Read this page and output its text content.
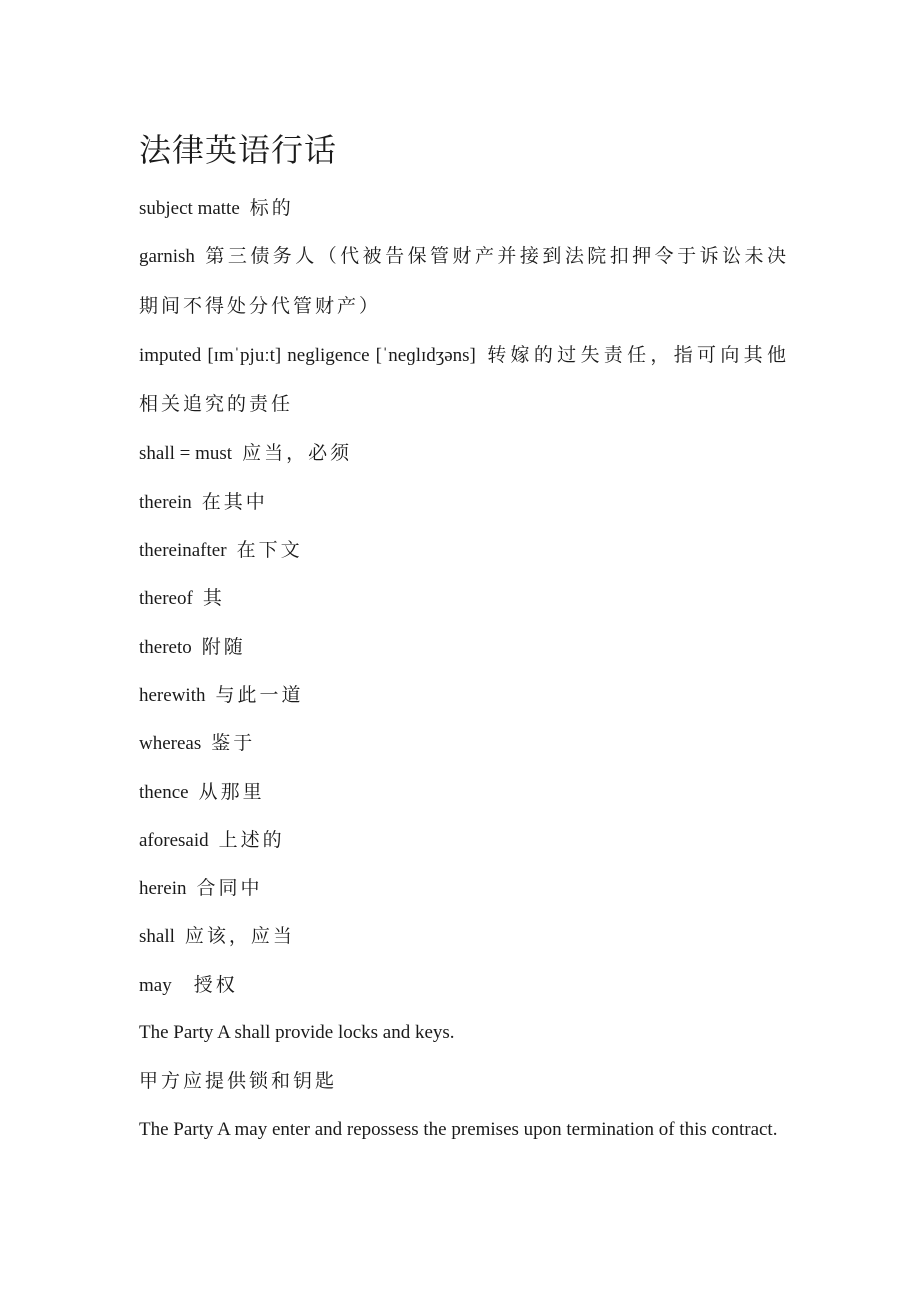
法律英语行话
subject matte 标的
garnish 第三债务人（代被告保管财产并接到法院扣押令于诉讼未决期间不得处分代管财产）
imputed [ɪmˈpjuːt] negligence [ˈneɡlɪdʒəns] 转嫁的过失责任，指可向其他相关追究的责任
shall = must 应当，必须
therein 在其中
thereinafter 在下文
thereof 其
thereto 附随
herewith 与此一道
whereas 鉴于
thence 从那里
aforesaid 上述的
herein 合同中
shall 应该，应当
may 授权
The Party A shall provide locks and keys.
甲方应提供锁和钥匙
The Party A may enter and repossess the premises upon termination of this contract.
